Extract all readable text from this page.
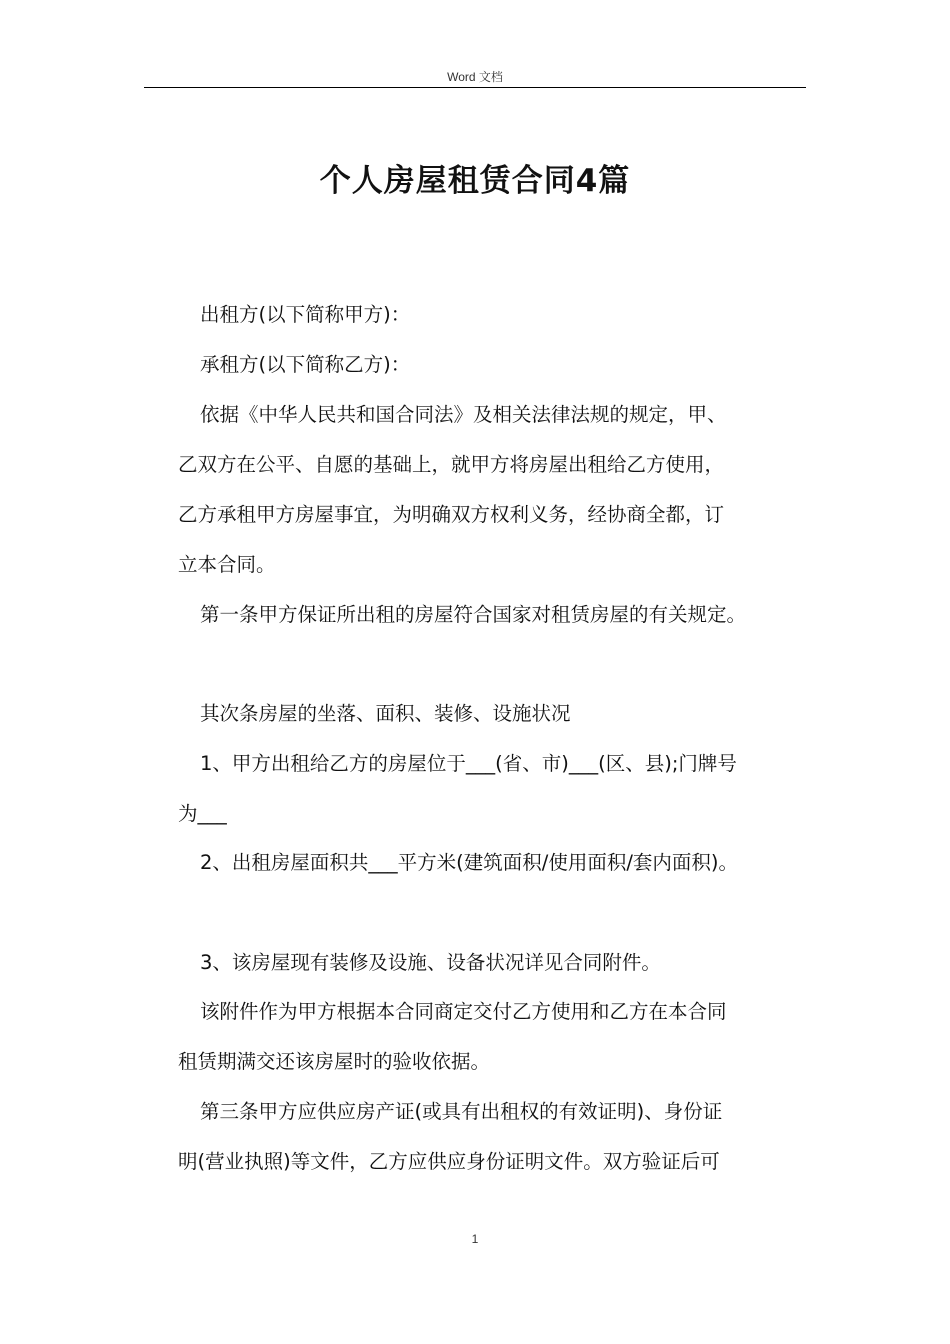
Word 文档
个人房屋租赁合同4篇

出租方(以下简称甲方)：

承租方(以下简称乙方)：

依据《中华人民共和国合同法》及相关法律法规的规定，甲、
乙双方在公平、自愿的基础上，就甲方将房屋出租给乙方使用，
乙方承租甲方房屋事宜，为明确双方权利义务，经协商全都，订
立本合同。

第一条甲方保证所出租的房屋符合国家对租赁房屋的有关规定。

其次条房屋的坐落、面积、装修、设施状况

1、甲方出租给乙方的房屋位于___(省、市)___(区、县);门牌号
为___

2、出租房屋面积共___平方米(建筑面积/使用面积/套内面积)。

3、该房屋现有装修及设施、设备状况详见合同附件。

该附件作为甲方根据本合同商定交付乙方使用和乙方在本合同
租赁期满交还该房屋时的验收依据。

第三条甲方应供应房产证(或具有出租权的有效证明)、身份证
明(营业执照)等文件，乙方应供应身份证明文件。双方验证后可

1
